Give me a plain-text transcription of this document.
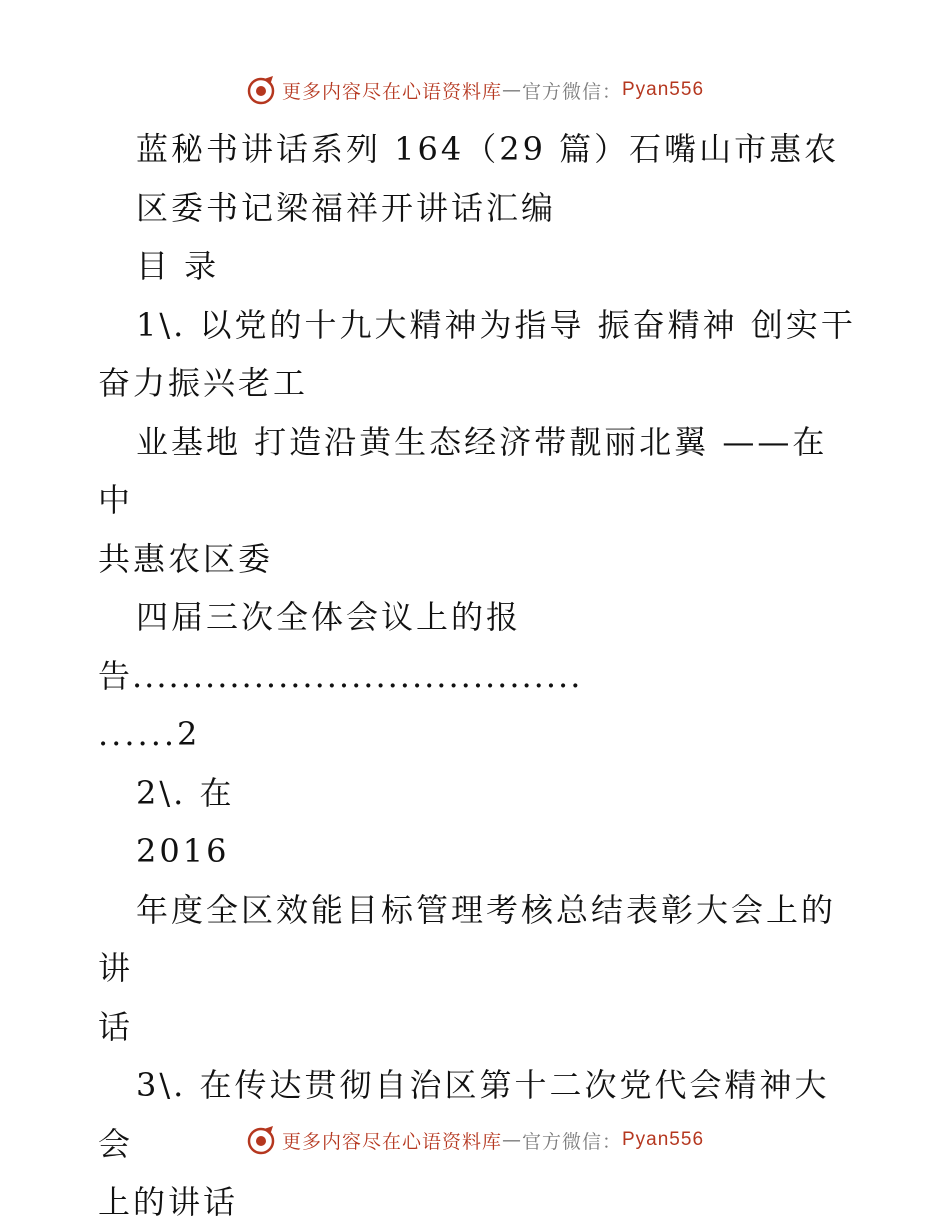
更多内容尽在心语资料库 — 官方微信： Pyan556

蓝秘书讲话系列 164（29 篇）石嘴山市惠农

区委书记梁福祥开讲话汇编

目 录

1\. 以党的十九大精神为指导 振奋精神 创实干

奋力振兴老工

业基地 打造沿黄生态经济带靓丽北翼 ——在中

共惠农区委

四届三次全体会议上的报

告.....................................

......2

2\. 在

2016

年度全区效能目标管理考核总结表彰大会上的讲

话

3\. 在传达贯彻自治区第十二次党代会精神大会

上的讲话

更多内容尽在心语资料库 — 官方微信： Pyan556
